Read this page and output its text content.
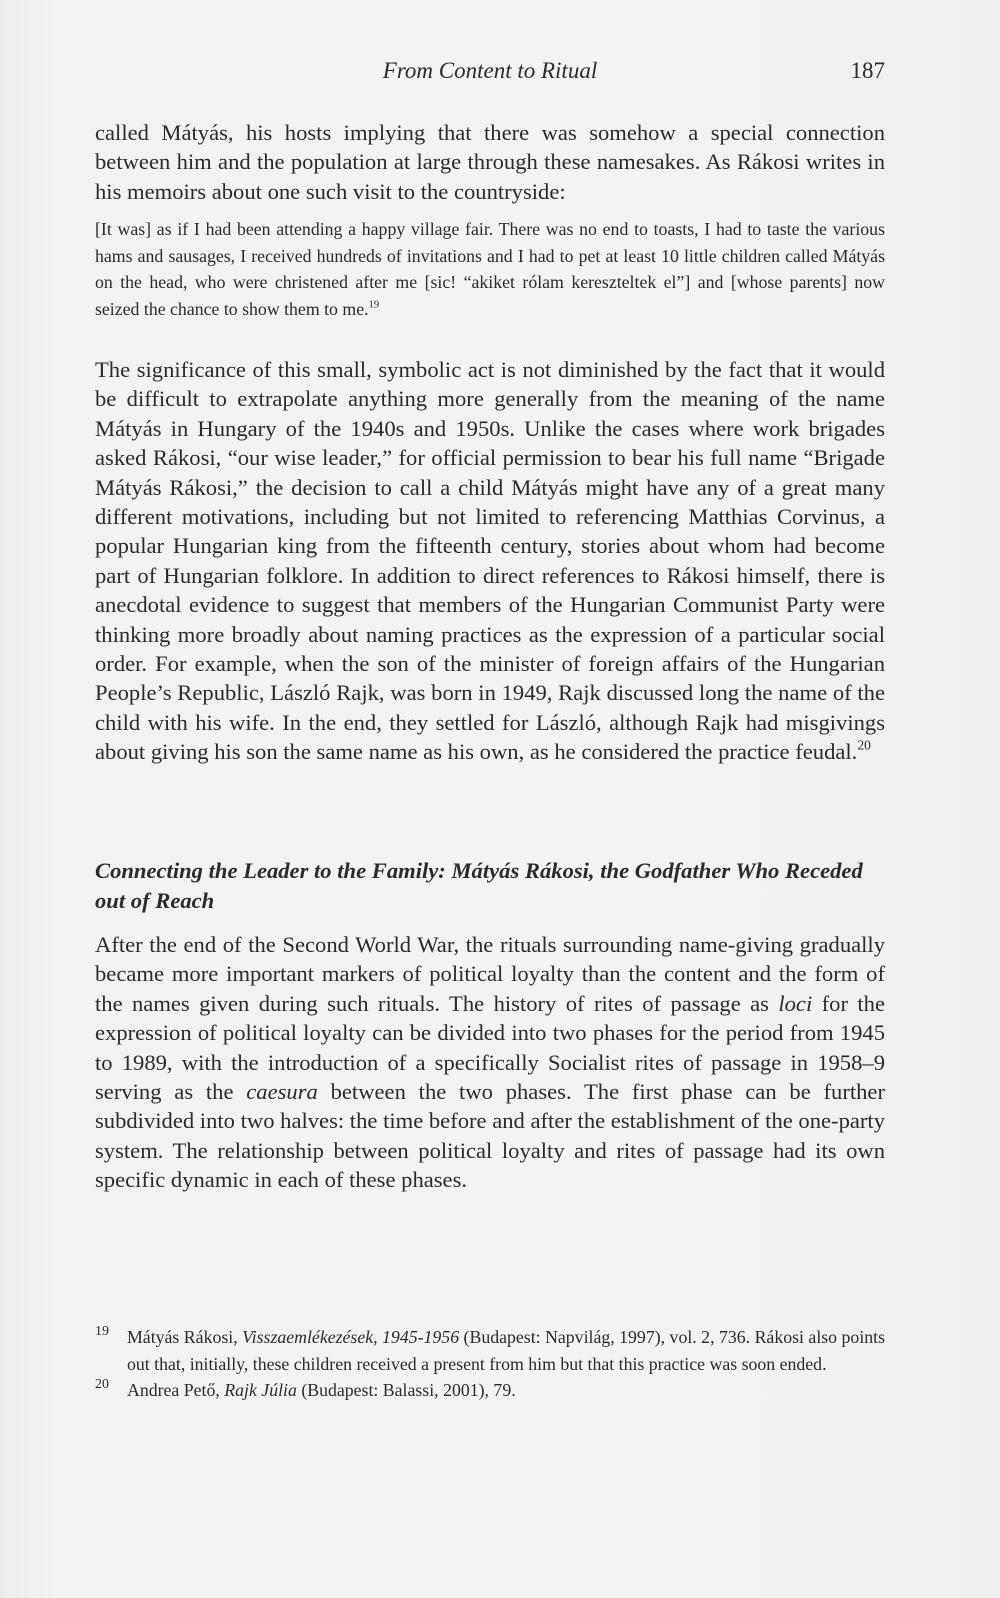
From Content to Ritual	187

called Mátyás, his hosts implying that there was somehow a special connection between him and the population at large through these namesakes. As Rákosi writes in his memoirs about one such visit to the countryside:

[It was] as if I had been attending a happy village fair. There was no end to toasts, I had to taste the various hams and sausages, I received hundreds of invitations and I had to pet at least 10 little children called Mátyás on the head, who were christened after me [sic! “akiket rólam kereszteltek el”] and [whose parents] now seized the chance to show them to me.$^{19}$

The significance of this small, symbolic act is not diminished by the fact that it would be difficult to extrapolate anything more generally from the meaning of the name Mátyás in Hungary of the 1940s and 1950s. Unlike the cases where work brigades asked Rákosi, “our wise leader,” for official permission to bear his full name “Brigade Mátyás Rákosi,” the decision to call a child Mátyás might have any of a great many different motivations, including but not limited to referencing Matthias Corvinus, a popular Hungarian king from the fifteenth century, stories about whom had become part of Hungarian folklore. In addition to direct references to Rákosi himself, there is anecdotal evidence to suggest that members of the Hungarian Communist Party were thinking more broadly about naming practices as the expression of a particular social order. For example, when the son of the minister of foreign affairs of the Hungarian People’s Republic, László Rajk, was born in 1949, Rajk discussed long the name of the child with his wife. In the end, they settled for László, although Rajk had misgivings about giving his son the same name as his own, as he considered the practice feudal.$^{20}$

Connecting the Leader to the Family: Mátyás Rákosi, the Godfather Who Receded out of Reach

After the end of the Second World War, the rituals surrounding name-giving gradually became more important markers of political loyalty than the content and the form of the names given during such rituals. The history of rites of passage as loci for the expression of political loyalty can be divided into two phases for the period from 1945 to 1989, with the introduction of a specifically Socialist rites of passage in 1958–9 serving as the caesura between the two phases. The first phase can be further subdivided into two halves: the time before and after the establishment of the one-party system. The relationship between political loyalty and rites of passage had its own specific dynamic in each of these phases.

19 Mátyás Rákosi, Visszaemlékezések, 1945-1956 (Budapest: Napvilág, 1997), vol. 2, 736. Rákosi also points out that, initially, these children received a present from him but that this practice was soon ended.

20 Andrea Pető, Rajk Júlia (Budapest: Balassi, 2001), 79.
